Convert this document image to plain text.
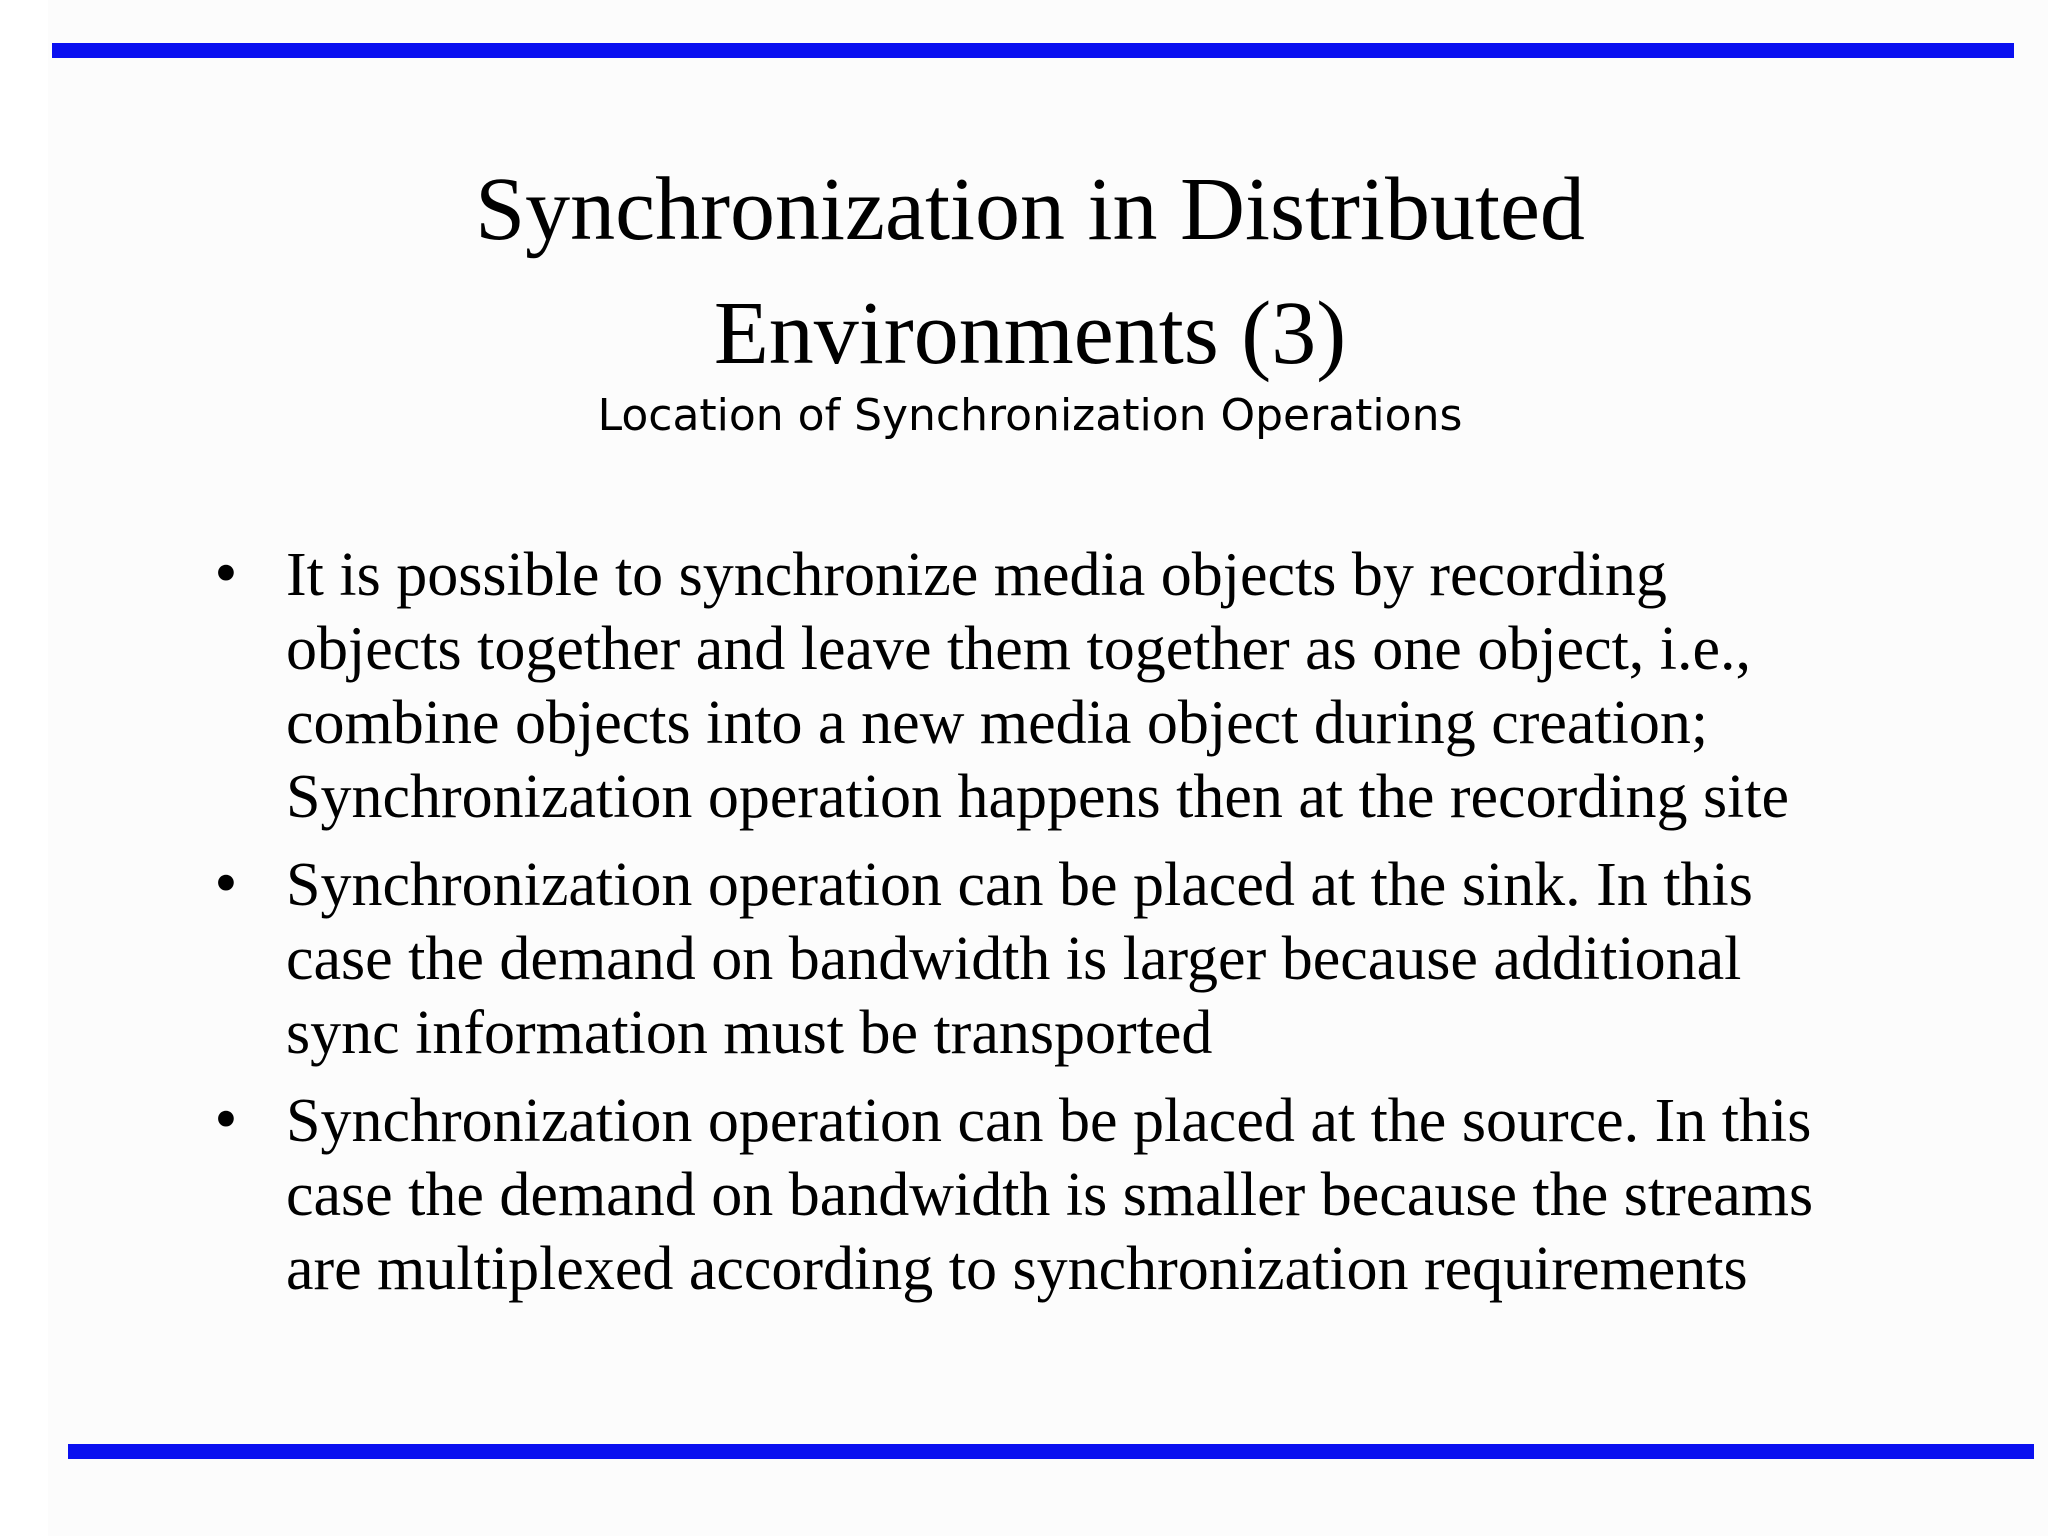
Synchronization in Distributed
Environments (3)

Location of Synchronization Operations

• It is possible to synchronize media objects by recording
objects together and leave them together as one object, i.e.,
combine objects into a new media object during creation;
Synchronization operation happens then at the recording site
• Synchronization operation can be placed at the sink. In this
case the demand on bandwidth is larger because additional
sync information must be transported
• Synchronization operation can be placed at the source. In this
case the demand on bandwidth is smaller because the streams
are multiplexed according to synchronization requirements
